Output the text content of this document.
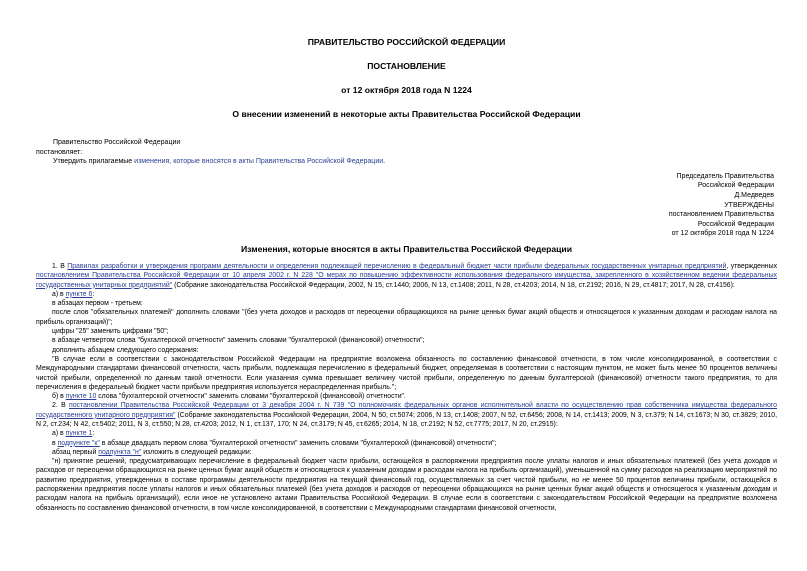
ПРАВИТЕЛЬСТВО РОССИЙСКОЙ ФЕДЕРАЦИИ
ПОСТАНОВЛЕНИЕ
от 12 октября 2018 года N 1224
О внесении изменений в некоторые акты Правительства Российской Федерации
Правительство Российской Федерации
постановляет:
Утвердить прилагаемые изменения, которые вносятся в акты Правительства Российской Федерации.
Председатель Правительства
Российской Федерации
Д.Медведев
УТВЕРЖДЕНЫ
постановлением Правительства
Российской Федерации
от 12 октября 2018 года N 1224
Изменения, которые вносятся в акты Правительства Российской Федерации

1. В Правилах разработки и утверждения программ деятельности и определения подлежащей перечислению в федеральный бюджет части прибыли федеральных государственных унитарных предприятий, утвержденных постановлением Правительства Российской Федерации от 10 апреля 2002 г. N 228 "О мерах по повышению эффективности использования федерального имущества, закрепленного в хозяйственном ведении федеральных государственных унитарных предприятий" (Собрание законодательства Российской Федерации, 2002, N 15, ст.1440; 2006, N 13, ст.1408; 2011, N 28, ст.4203; 2014, N 18, ст.2192; 2016, N 29, ст.4817; 2017, N 28, ст.4156):

а) в пункте 6:

в абзацах первом - третьем:

после слов "обязательных платежей" дополнить словами "(без учета доходов и расходов от переоценки обращающихся на рынке ценных бумаг акций обществ и относящегося к указанным доходам и расходам налога на прибыль организаций)";

цифры "25" заменить цифрами "50";

в абзаце четвертом слова "бухгалтерской отчетности" заменить словами "бухгалтерской (финансовой) отчетности";

дополнить абзацем следующего содержания:

"В случае если в соответствии с законодательством Российской Федерации на предприятие возложена обязанность по составлению финансовой отчетности, в том числе консолидированной, в соответствии с Международными стандартами финансовой отчетности, часть прибыли, подлежащая перечислению в федеральный бюджет, определяемая в соответствии с настоящим пунктом, не может быть менее 50 процентов величины чистой прибыли, определенной по данным такой отчетности. Если указанная сумма превышает величину чистой прибыли, определенную по данным бухгалтерской (финансовой) отчетности такого предприятия, то для перечисления в федеральный бюджет части прибыли предприятия используется нераспределенная прибыль.";

б) в пункте 10 слова "бухгалтерской отчетности" заменить словами "бухгалтерской (финансовой) отчетности".

2. В постановлении Правительства Российской Федерации от 3 декабря 2004 г. N 739 "О полномочиях федеральных органов исполнительной власти по осуществлению прав собственника имущества федерального государственного унитарного предприятия" (Собрание законодательства Российской Федерации, 2004, N 50, ст.5074; 2006, N 13, ст.1408; 2007, N 52, ст.6456; 2008, N 14, ст.1413; 2009, N 3, ст.379; N 14, ст.1673; N 30, ст.3829; 2010, N 2, ст.234; N 42, ст.5402; 2011, N 3, ст.550; N 28, ст.4203; 2012, N 1, ст.137, 170; N 24, ст.3179; N 45, ст.6265; 2014, N 18, ст.2192; N 52, ст.7775; 2017, N 20, ст.2915):

а) в пункте 1:

в подпункте "к" в абзаце двадцать первом слова "бухгалтерской отчетности" заменить словами "бухгалтерской (финансовой) отчетности";

абзац первый подпункта "н" изложить в следующей редакции:

"н) принятие решений, предусматривающих перечисление в федеральный бюджет части прибыли, остающейся в распоряжении предприятия после уплаты налогов и иных обязательных платежей (без учета доходов и расходов от переоценки обращающихся на рынке ценных бумаг акций обществ и относящегося к указанным доходам и расходам налога на прибыль организаций), уменьшенной на сумму расходов на реализацию мероприятий по развитию предприятия, утвержденных в составе программы деятельности предприятия на текущий финансовый год, осуществляемых за счет чистой прибыли, но не менее 50 процентов величины прибыли, остающейся в распоряжении предприятия после уплаты налогов и иных обязательных платежей (без учета доходов и расходов от переоценки обращающихся на рынке ценных бумаг акций обществ и относящегося к указанным доходам и расходам налога на прибыль организаций), если иное не установлено актами Правительства Российской Федерации. В случае если в соответствии с законодательством Российской Федерации на предприятие возложена обязанность по составлению финансовой отчетности, в том числе консолидированной, в соответствии с Международными стандартами финансовой отчетности,
